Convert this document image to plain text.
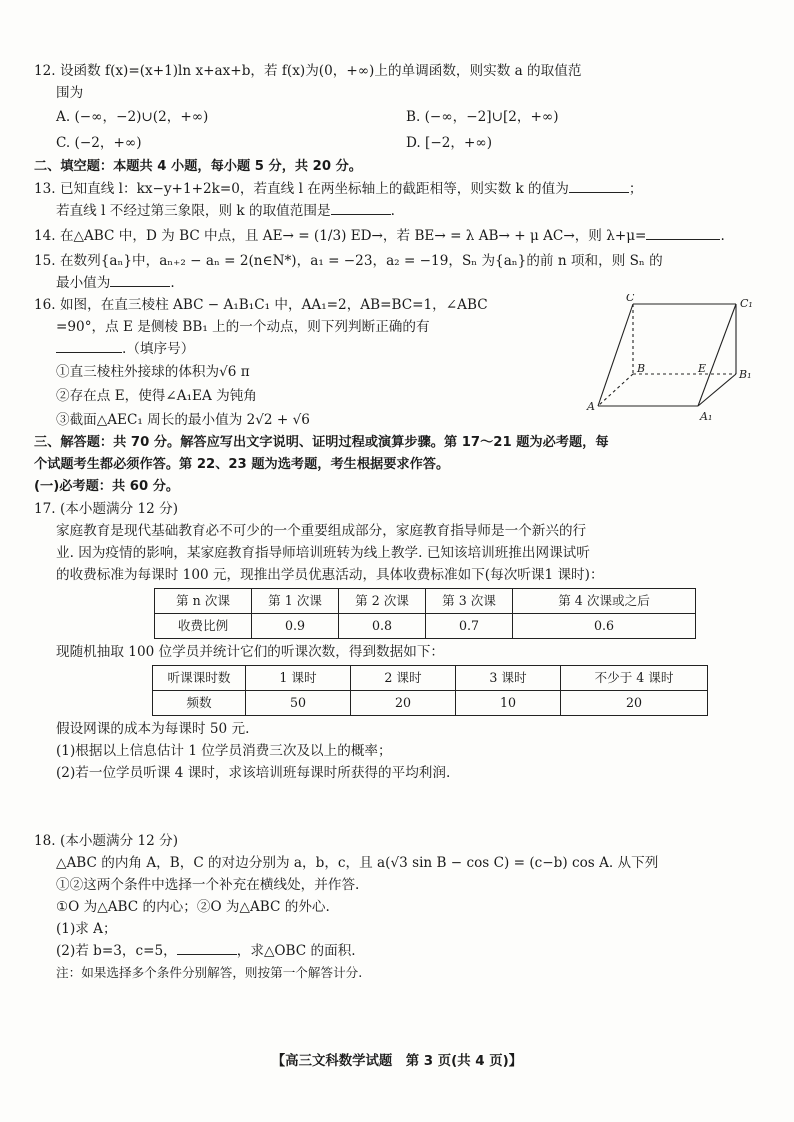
12. 设函数 f(x)=(x+1)ln x+ax+b，若 f(x)为(0，+∞)上的单调函数，则实数 a 的取值范
围为
A. (−∞，−2)∪(2，+∞)	B. (−∞，−2]∪[2，+∞)
C. (−2，+∞)	D. [−2，+∞)
二、填空题：本题共 4 小题，每小题 5 分，共 20 分。
13. 已知直线 l：kx−y+1+2k=0，若直线 l 在两坐标轴上的截距相等，则实数 k 的值为	；
若直线 l 不经过第三象限，则 k 的取值范围是	.
14. 在△ABC 中，D 为 BC 中点，且 AE→ = (1/3) ED→，若 BE→ = λ AB→ + μ AC→，则 λ+μ=	.
15. 在数列{aₙ}中，aₙ₊₂ − aₙ = 2(n∈N*)，a₁ = −23，a₂ = −19，Sₙ 为{aₙ}的前 n 项和，则 Sₙ 的
最小值为	.
16. 如图，在直三棱柱 ABC − A₁B₁C₁ 中，AA₁=2，AB=BC=1，∠ABC
=90°，点 E 是侧棱 BB₁ 上的一个动点，则下列判断正确的有
.（填序号）
①直三棱柱外接球的体积为√6 π
②存在点 E，使得∠A₁EA 为钝角
③截面△AEC₁ 周长的最小值为 2√2 + √6
C	C₁
B	E	B₁
A
A₁
三、解答题：共 70 分。解答应写出文字说明、证明过程或演算步骤。第 17～21 题为必考题，每
个试题考生都必须作答。第 22、23 题为选考题，考生根据要求作答。
(一)必考题：共 60 分。
17. (本小题满分 12 分)
家庭教育是现代基础教育必不可少的一个重要组成部分，家庭教育指导师是一个新兴的行
业. 因为疫情的影响，某家庭教育指导师培训班转为线上教学. 已知该培训班推出网课试听
的收费标准为每课时 100 元，现推出学员优惠活动，具体收费标准如下(每次听课1 课时)：
第 n 次课	第 1 次课	第 2 次课	第 3 次课	第 4 次课或之后
收费比例	0.9	0.8	0.7	0.6
现随机抽取 100 位学员并统计它们的听课次数，得到数据如下：
听课课时数	1 课时	2 课时	3 课时	不少于 4 课时
频数	50	20	10	20
假设网课的成本为每课时 50 元.
(1)根据以上信息估计 1 位学员消费三次及以上的概率；
(2)若一位学员听课 4 课时，求该培训班每课时所获得的平均利润.
18. (本小题满分 12 分)
△ABC 的内角 A，B，C 的对边分别为 a，b，c，且 a(√3 sin B − cos C) = (c−b) cos A. 从下列
①②这两个条件中选择一个补充在横线处，并作答.
①O 为△ABC 的内心；②O 为△ABC 的外心.
(1)求 A；
(2)若 b=3，c=5，	，求△OBC 的面积.
注：如果选择多个条件分别解答，则按第一个解答计分.
【高三文科数学试题　第 3 页(共 4 页)】
